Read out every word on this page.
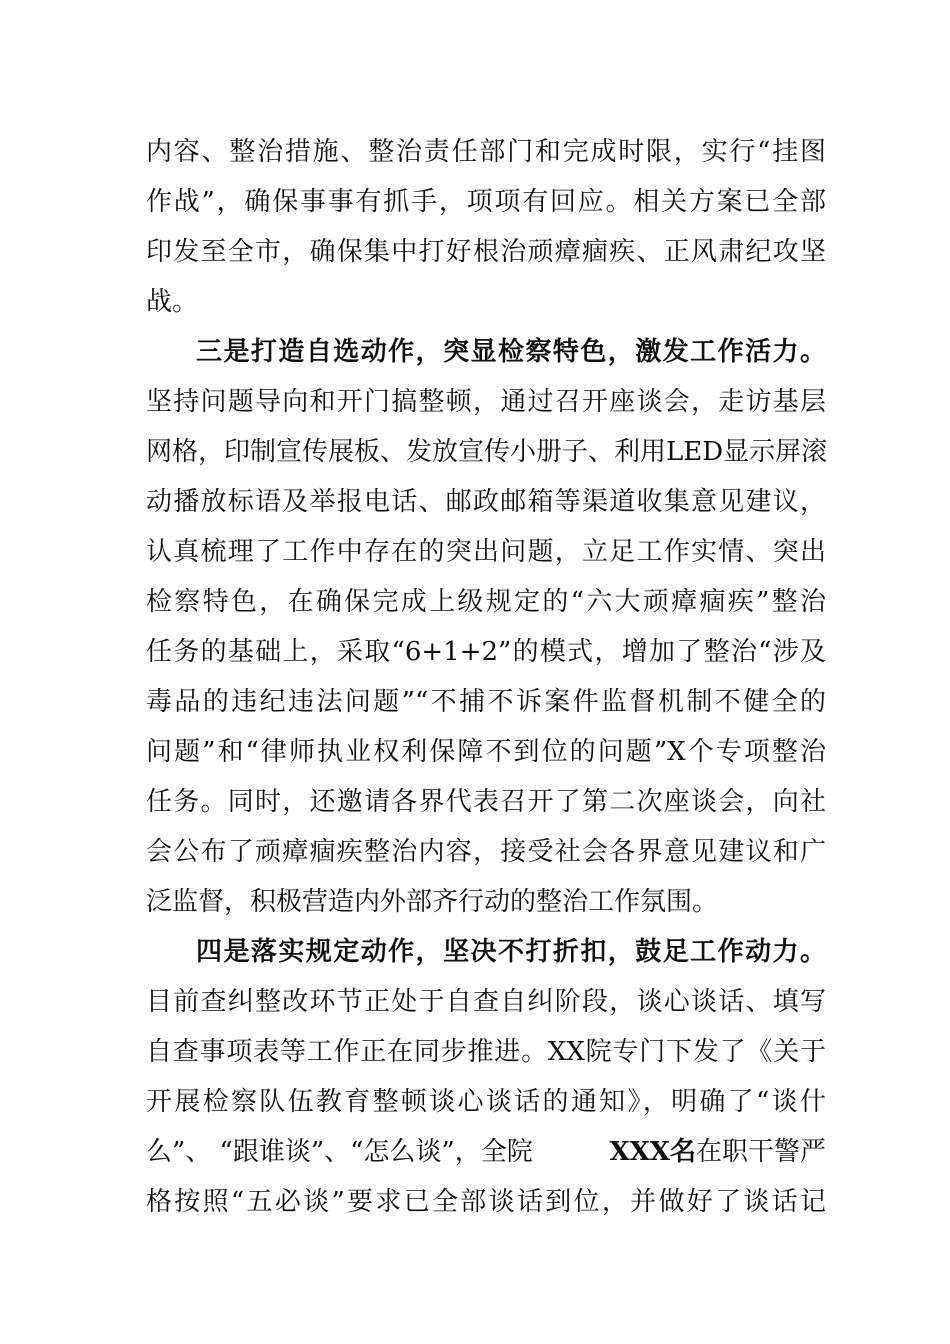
内容、整治措施、整治责任部门和完成时限，实行“挂图
作战”，确保事事有抓手，项项有回应。相关方案已全部
印发至全市，确保集中打好根治顽瘴痼疾、正风肃纪攻坚
战。
三是打造自选动作，突显检察特色，激发工作活力。
坚持问题导向和开门搞整顿，通过召开座谈会，走访基层
网格，印制宣传展板、发放宣传小册子、利用LED显示屏滚
动播放标语及举报电话、邮政邮箱等渠道收集意见建议，
认真梳理了工作中存在的突出问题，立足工作实情、突出
检察特色，在确保完成上级规定的“六大顽瘴痼疾”整治
任务的基础上，采取“6+1+2”的模式，增加了整治“涉及
毒品的违纪违法问题”“不捕不诉案件监督机制不健全的
问题”和“律师执业权利保障不到位的问题”X个专项整治
任务。同时，还邀请各界代表召开了第二次座谈会，向社
会公布了顽瘴痼疾整治内容，接受社会各界意见建议和广
泛监督，积极营造内外部齐行动的整治工作氛围。
四是落实规定动作，坚决不打折扣，鼓足工作动力。
目前查纠整改环节正处于自查自纠阶段，谈心谈话、填写
自查事项表等工作正在同步推进。XX院专门下发了《关于
开展检察队伍教育整顿谈心谈话的通知》，明确了“谈什
么”、 “跟谁谈”、“怎么谈”，全院	XXX名 在职干警严
格按照“五必谈”要求已全部谈话到位，并做好了谈话记
